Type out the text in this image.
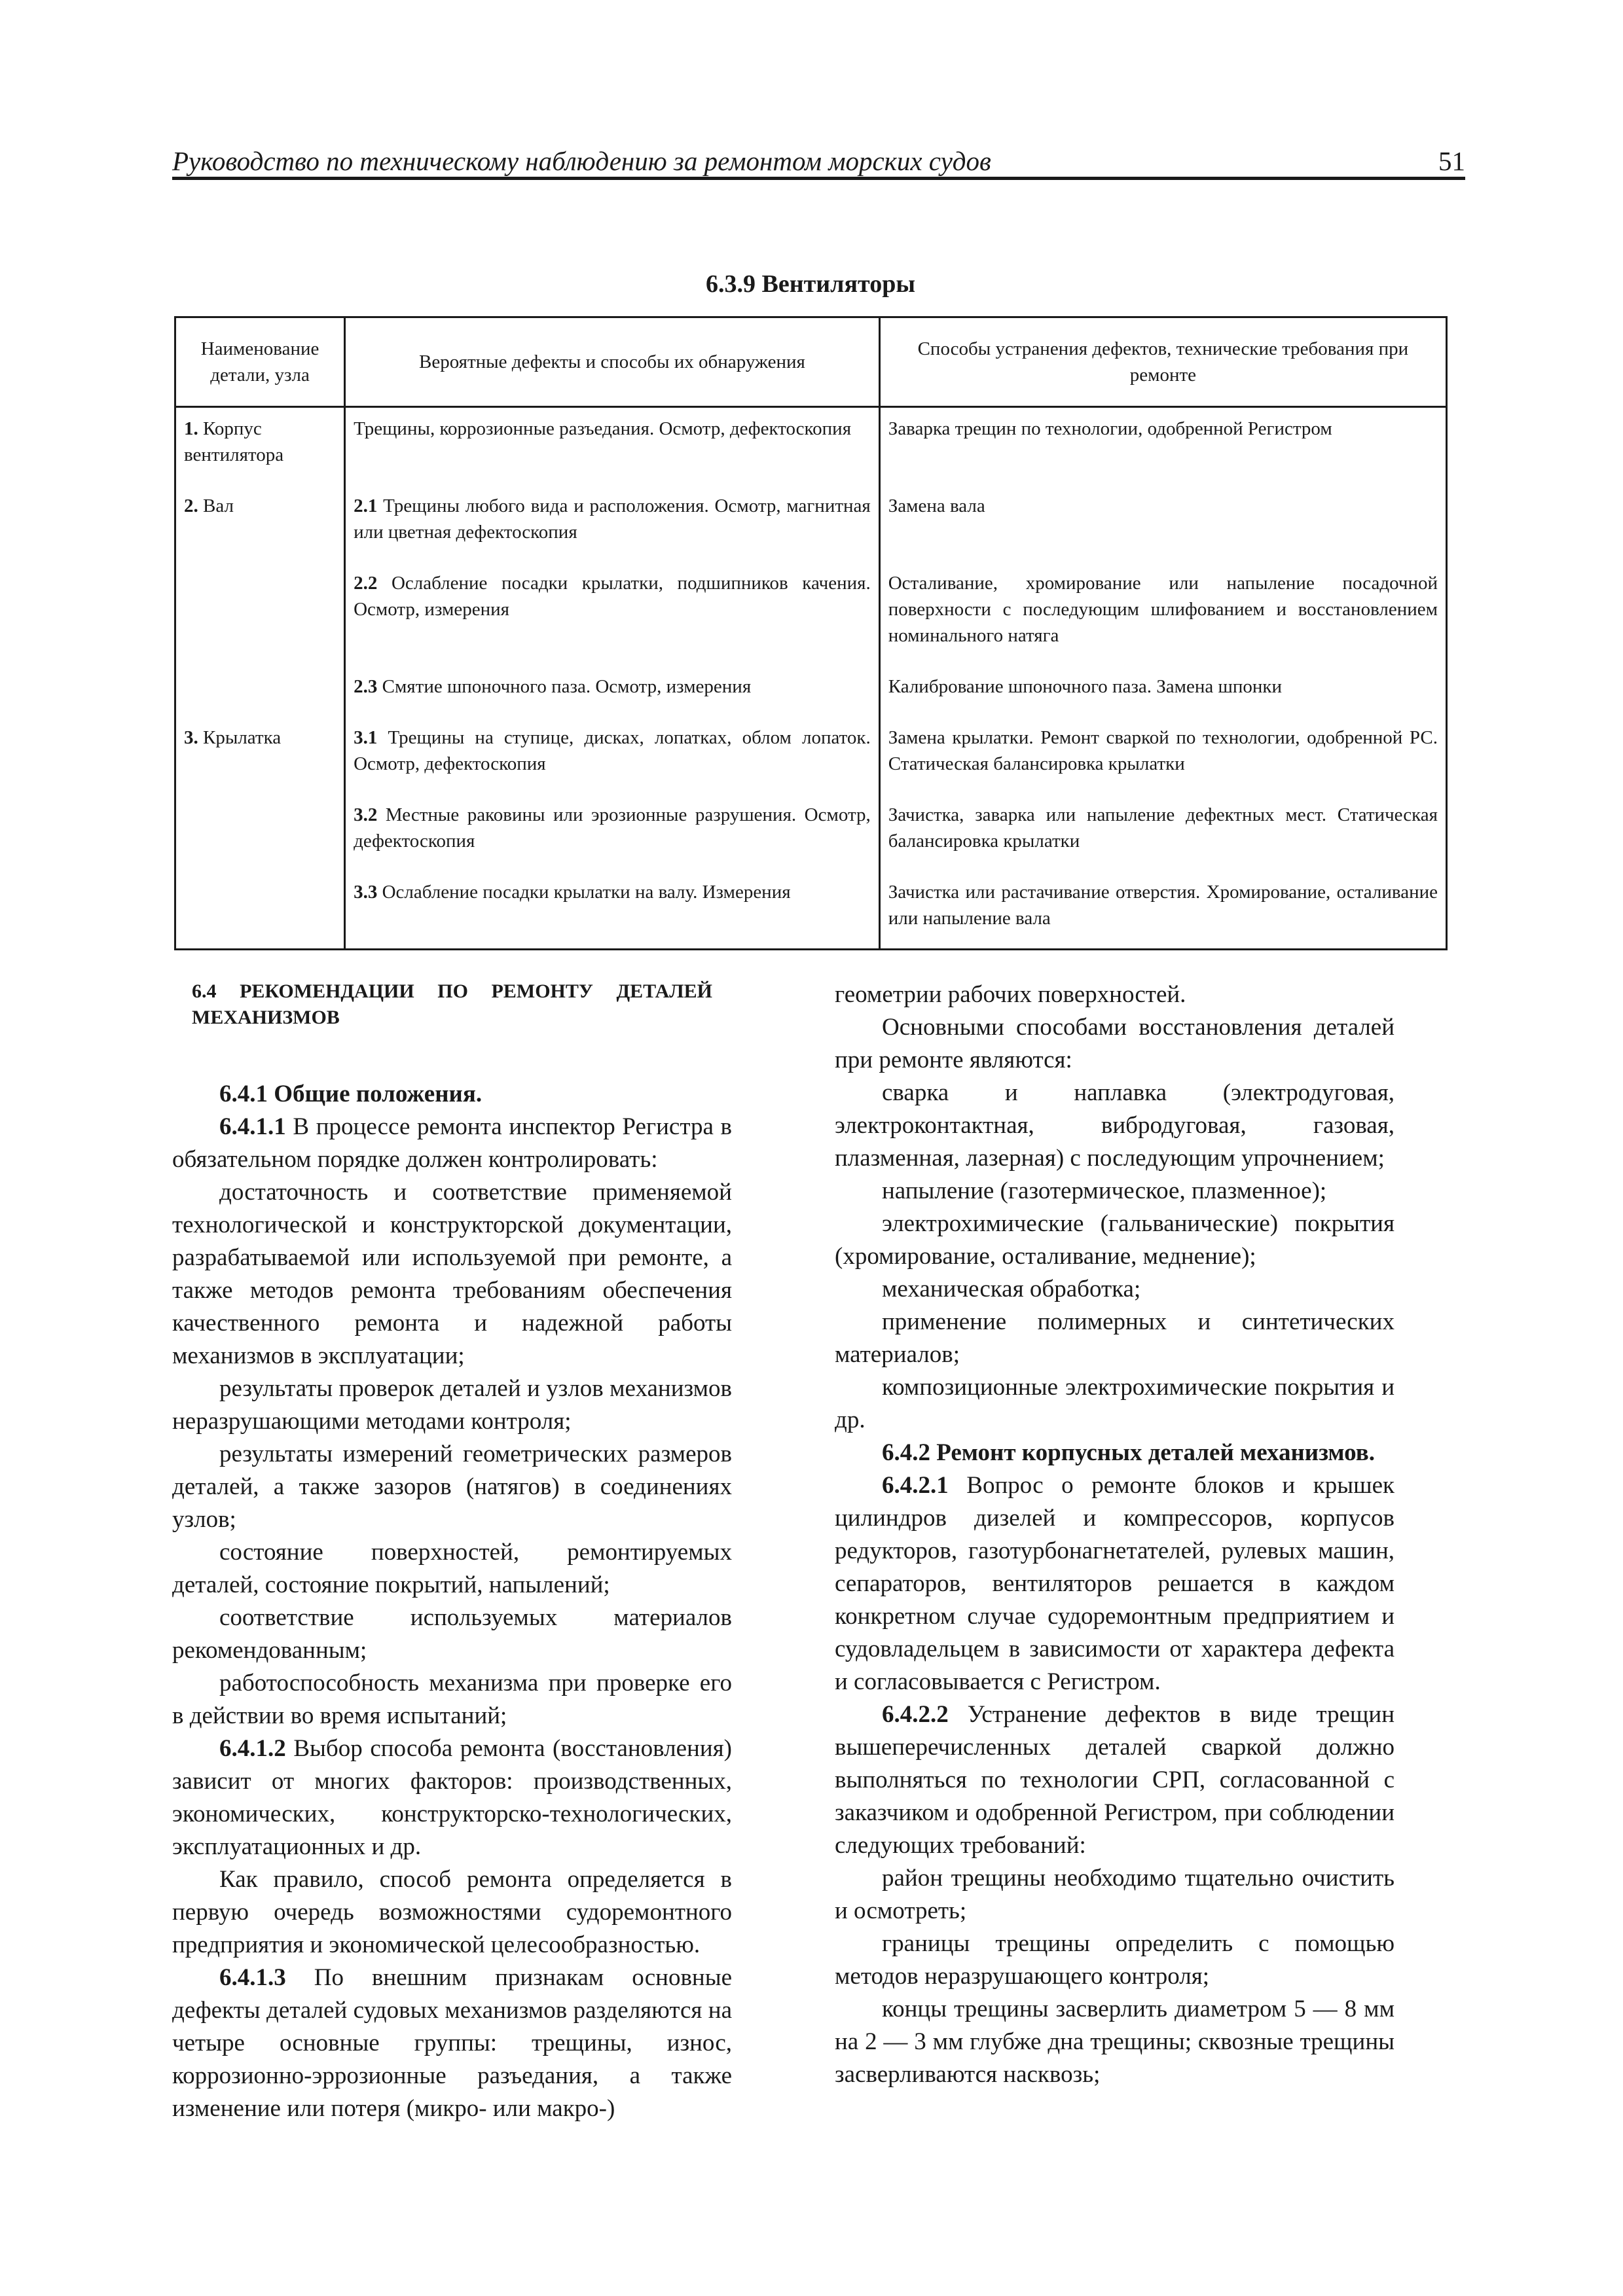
Руководство по техническому наблюдению за ремонтом морских судов	51
6.3.9 Вентиляторы
Наименование детали, узла	Вероятные дефекты и способы их обнаружения	Способы устранения дефектов, технические требования при ремонте
1. Корпус вентилятора	Трещины, коррозионные разъедания. Осмотр, дефектоскопия	Заварка трещин по технологии, одобренной Регистром
2. Вал	2.1 Трещины любого вида и расположения. Осмотр, магнитная или цветная дефектоскопия	Замена вала
	2.2 Ослабление посадки крылатки, подшипников качения. Осмотр, измерения	Осталивание, хромирование или напыление посадочной поверхности с последующим шлифованием и восстановлением номинального натяга
	2.3 Смятие шпоночного паза. Осмотр, измерения	Калибрование шпоночного паза. Замена шпонки
3. Крылатка	3.1 Трещины на ступице, дисках, лопатках, облом лопаток. Осмотр, дефектоскопия	Замена крылатки. Ремонт сваркой по технологии, одобренной РС. Статическая балансировка крылатки
	3.2 Местные раковины или эрозионные разрушения. Осмотр, дефектоскопия	Зачистка, заварка или напыление дефектных мест. Статическая балансировка крылатки
	3.3 Ослабление посадки крылатки на валу. Измерения	Зачистка или растачивание отверстия. Хромирование, осталивание или напыление вала

6.4 РЕКОМЕНДАЦИИ ПО РЕМОНТУ ДЕТАЛЕЙ МЕХАНИЗМОВ

6.4.1 Общие положения.

6.4.1.1 В процессе ремонта инспектор Регистра в обязательном порядке должен контролировать:

достаточность и соответствие применяемой технологической и конструкторской документации, разрабатываемой или используемой при ремонте, а также методов ремонта требованиям обеспечения качественного ремонта и надежной работы механизмов в эксплуатации;

результаты проверок деталей и узлов механизмов неразрушающими методами контроля;

результаты измерений геометрических размеров деталей, а также зазоров (натягов) в соединениях узлов;

состояние поверхностей, ремонтируемых деталей, состояние покрытий, напылений;

соответствие используемых материалов рекомендованным;

работоспособность механизма при проверке его в действии во время испытаний;

6.4.1.2 Выбор способа ремонта (восстановления) зависит от многих факторов: производственных, экономических, конструкторско-технологических, эксплуатационных и др.

Как правило, способ ремонта определяется в первую очередь возможностями судоремонтного предприятия и экономической целесообразностью.

6.4.1.3 По внешним признакам основные дефекты деталей судовых механизмов разделяются на четыре основные группы: трещины, износ, коррозионно-эррозионные разъедания, а также изменение или потеря (микро- или макро-)

геометрии рабочих поверхностей.

Основными способами восстановления деталей при ремонте являются:

сварка и наплавка (электродуговая, электроконтактная, вибродуговая, газовая, плазменная, лазерная) с последующим упрочнением;

напыление (газотермическое, плазменное);

электрохимические (гальванические) покрытия (хромирование, осталивание, меднение);

механическая обработка;

применение полимерных и синтетических материалов;

композиционные электрохимические покрытия и др.

6.4.2 Ремонт корпусных деталей механизмов.

6.4.2.1 Вопрос о ремонте блоков и крышек цилиндров дизелей и компрессоров, корпусов редукторов, газотурбонагнетателей, рулевых машин, сепараторов, вентиляторов решается в каждом конкретном случае судоремонтным предприятием и судовладельцем в зависимости от характера дефекта и согласовывается с Регистром.

6.4.2.2 Устранение дефектов в виде трещин вышеперечисленных деталей сваркой должно выполняться по технологии СРП, согласованной с заказчиком и одобренной Регистром, при соблюдении следующих требований:

район трещины необходимо тщательно очистить и осмотреть;

границы трещины определить с помощью методов неразрушающего контроля;

концы трещины засверлить диаметром 5 — 8 мм на 2 — 3 мм глубже дна трещины; сквозные трещины засверливаются насквозь;
